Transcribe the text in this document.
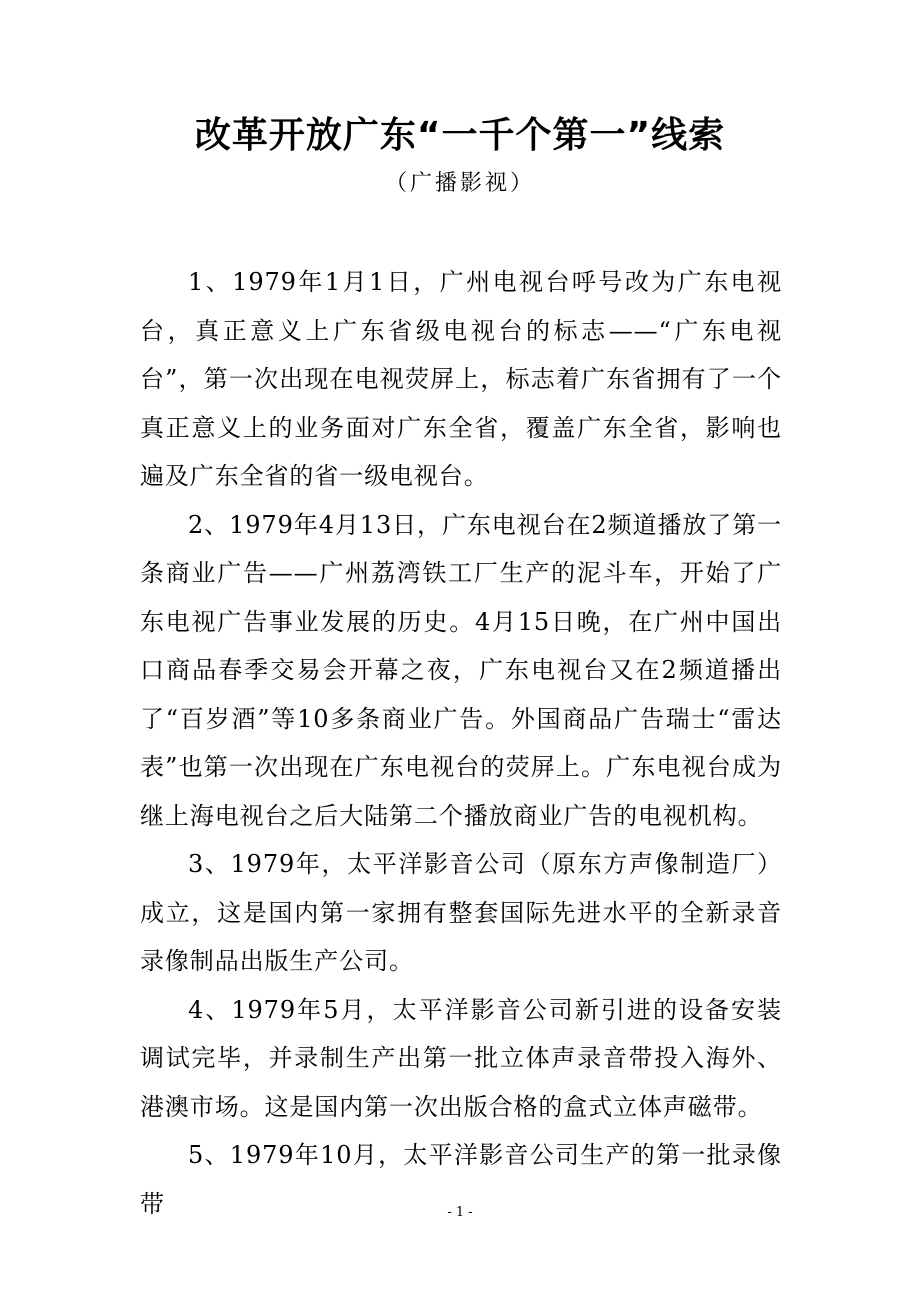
改革开放广东“一千个第一”线索

（广播影视）

1、1979年1月1日，广州电视台呼号改为广东电视台，真正意义上广东省级电视台的标志——“广东电视台”，第一次出现在电视荧屏上，标志着广东省拥有了一个真正意义上的业务面对广东全省，覆盖广东全省，影响也遍及广东全省的省一级电视台。

2、1979年4月13日，广东电视台在2频道播放了第一条商业广告——广州荔湾铁工厂生产的泥斗车，开始了广东电视广告事业发展的历史。4月15日晚，在广州中国出口商品春季交易会开幕之夜，广东电视台又在2频道播出了“百岁酒”等10多条商业广告。外国商品广告瑞士“雷达表”也第一次出现在广东电视台的荧屏上。广东电视台成为继上海电视台之后大陆第二个播放商业广告的电视机构。

3、1979年，太平洋影音公司（原东方声像制造厂）成立，这是国内第一家拥有整套国际先进水平的全新录音录像制品出版生产公司。

4、1979年5月，太平洋影音公司新引进的设备安装调试完毕，并录制生产出第一批立体声录音带投入海外、港澳市场。这是国内第一次出版合格的盒式立体声磁带。

5、1979年10月，太平洋影音公司生产的第一批录像带	- 1 -
